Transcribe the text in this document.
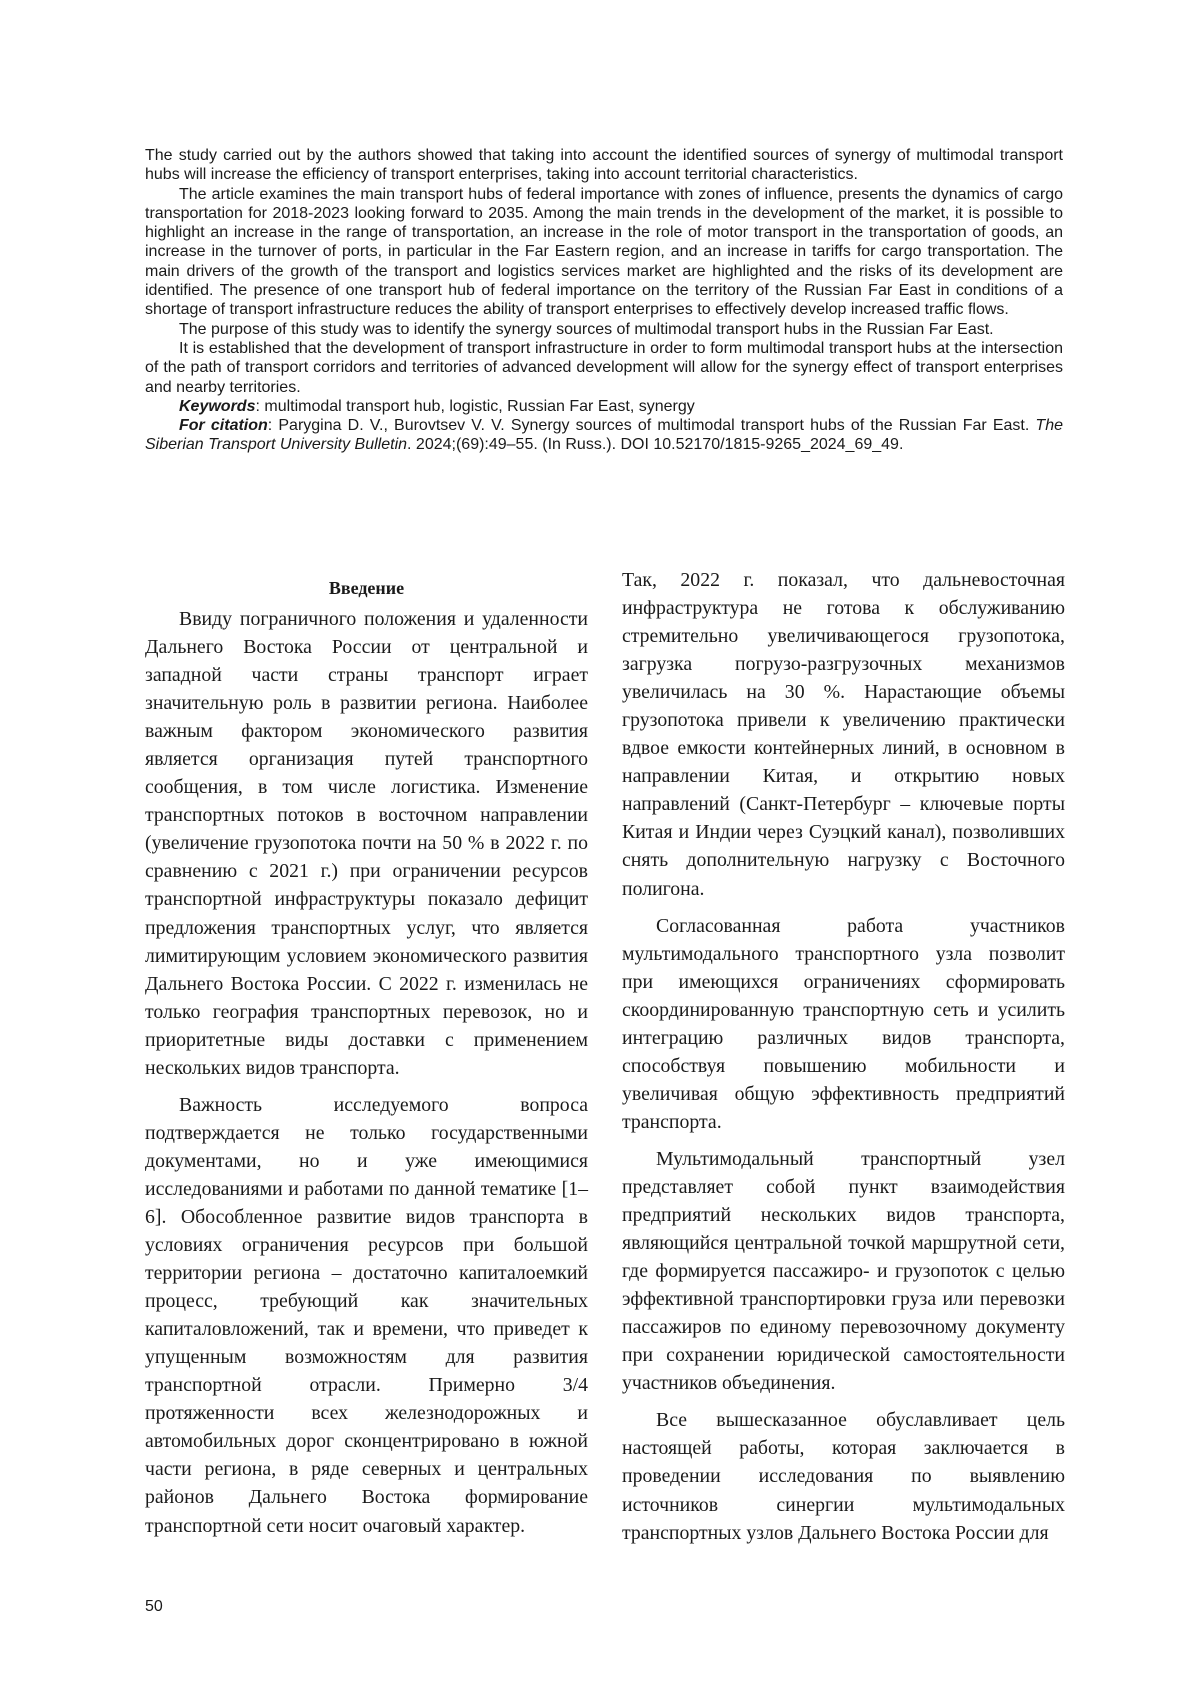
The study carried out by the authors showed that taking into account the identified sources of synergy of multimodal transport hubs will increase the efficiency of transport enterprises, taking into account territorial characteristics.

The article examines the main transport hubs of federal importance with zones of influence, presents the dynamics of cargo transportation for 2018-2023 looking forward to 2035. Among the main trends in the development of the market, it is possible to highlight an increase in the range of transportation, an increase in the role of motor transport in the transportation of goods, an increase in the turnover of ports, in particular in the Far Eastern region, and an increase in tariffs for cargo transportation. The main drivers of the growth of the transport and logistics services market are highlighted and the risks of its development are identified. The presence of one transport hub of federal importance on the territory of the Russian Far East in conditions of a shortage of transport infrastructure reduces the ability of transport enterprises to effectively develop increased traffic flows.

The purpose of this study was to identify the synergy sources of multimodal transport hubs in the Russian Far East.

It is established that the development of transport infrastructure in order to form multimodal transport hubs at the intersection of the path of transport corridors and territories of advanced development will allow for the synergy effect of transport enterprises and nearby territories.

Keywords: multimodal transport hub, logistic, Russian Far East, synergy

For citation: Parygina D. V., Burovtsev V. V. Synergy sources of multimodal transport hubs of the Russian Far East. The Siberian Transport University Bulletin. 2024;(69):49–55. (In Russ.). DOI 10.52170/1815-9265_2024_69_49.

Введение

Ввиду пограничного положения и удаленности Дальнего Востока России от центральной и западной части страны транспорт играет значительную роль в развитии региона. Наиболее важным фактором экономического развития является организация путей транспортного сообщения, в том числе логистика. Изменение транспортных потоков в восточном направлении (увеличение грузопотока почти на 50 % в 2022 г. по сравнению с 2021 г.) при ограничении ресурсов транспортной инфраструктуры показало дефицит предложения транспортных услуг, что является лимитирующим условием экономического развития Дальнего Востока России. С 2022 г. изменилась не только география транспортных перевозок, но и приоритетные виды доставки с применением нескольких видов транспорта.

Важность исследуемого вопроса подтверждается не только государственными документами, но и уже имеющимися исследованиями и работами по данной тематике [1–6]. Обособленное развитие видов транспорта в условиях ограничения ресурсов при большой территории региона – достаточно капиталоемкий процесс, требующий как значительных капиталовложений, так и времени, что приведет к упущенным возможностям для развития транспортной отрасли. Примерно 3/4 протяженности всех железнодорожных и автомобильных дорог сконцентрировано в южной части региона, в ряде северных и центральных районов Дальнего Востока формирование транспортной сети носит очаговый характер.

Так, 2022 г. показал, что дальневосточная инфраструктура не готова к обслуживанию стремительно увеличивающегося грузопотока, загрузка погрузо-разгрузочных механизмов увеличилась на 30 %. Нарастающие объемы грузопотока привели к увеличению практически вдвое емкости контейнерных линий, в основном в направлении Китая, и открытию новых направлений (Санкт-Петербург – ключевые порты Китая и Индии через Суэцкий канал), позволивших снять дополнительную нагрузку с Восточного полигона.

Согласованная работа участников мультимодального транспортного узла позволит при имеющихся ограничениях сформировать скоординированную транспортную сеть и усилить интеграцию различных видов транспорта, способствуя повышению мобильности и увеличивая общую эффективность предприятий транспорта.

Мультимодальный транспортный узел представляет собой пункт взаимодействия предприятий нескольких видов транспорта, являющийся центральной точкой маршрутной сети, где формируется пассажиро- и грузопоток с целью эффективной транспортировки груза или перевозки пассажиров по единому перевозочному документу при сохранении юридической самостоятельности участников объединения.

Все вышесказанное обуславливает цель настоящей работы, которая заключается в проведении исследования по выявлению источников синергии мультимодальных транспортных узлов Дальнего Востока России для

50
